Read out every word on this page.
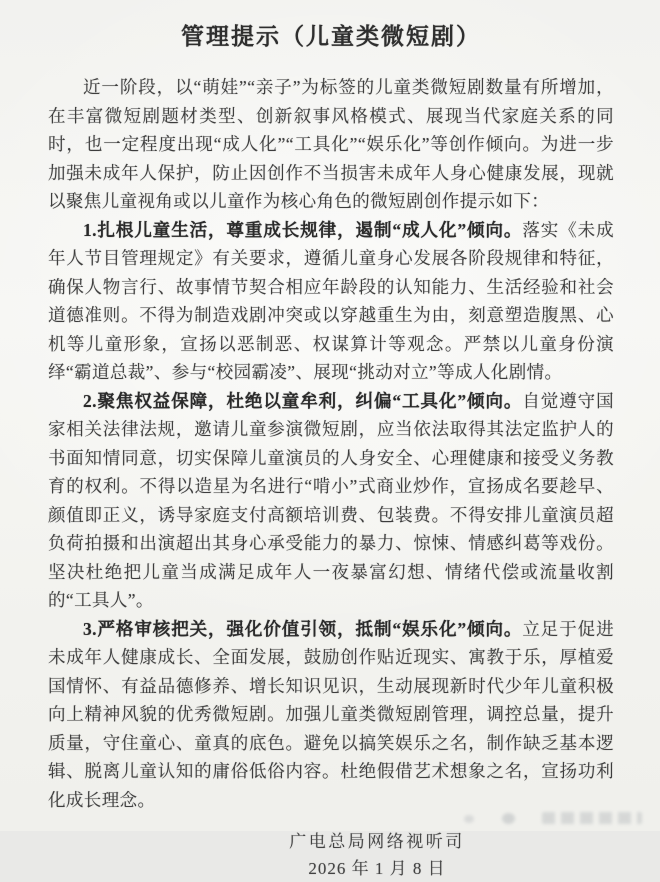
管理提示（儿童类微短剧）

近一阶段，以“萌娃”“亲子”为标签的儿童类微短剧数量有所增加，在丰富微短剧题材类型、创新叙事风格模式、展现当代家庭关系的同时，也一定程度出现“成人化”“工具化”“娱乐化”等创作倾向。为进一步加强未成年人保护，防止因创作不当损害未成年人身心健康发展，现就以聚焦儿童视角或以儿童作为核心角色的微短剧创作提示如下：

1.扎根儿童生活，尊重成长规律，遏制“成人化”倾向。落实《未成年人节目管理规定》有关要求，遵循儿童身心发展各阶段规律和特征，确保人物言行、故事情节契合相应年龄段的认知能力、生活经验和社会道德准则。不得为制造戏剧冲突或以穿越重生为由，刻意塑造腹黑、心机等儿童形象，宣扬以恶制恶、权谋算计等观念。严禁以儿童身份演绎“霸道总裁”、参与“校园霸凌”、展现“挑动对立”等成人化剧情。

2.聚焦权益保障，杜绝以童牟利，纠偏“工具化”倾向。自觉遵守国家相关法律法规，邀请儿童参演微短剧，应当依法取得其法定监护人的书面知情同意，切实保障儿童演员的人身安全、心理健康和接受义务教育的权利。不得以造星为名进行“啃小”式商业炒作，宣扬成名要趁早、颜值即正义，诱导家庭支付高额培训费、包装费。不得安排儿童演员超负荷拍摄和出演超出其身心承受能力的暴力、惊悚、情感纠葛等戏份。坚决杜绝把儿童当成满足成年人一夜暴富幻想、情绪代偿或流量收割的“工具人”。

3.严格审核把关，强化价值引领，抵制“娱乐化”倾向。立足于促进未成年人健康成长、全面发展，鼓励创作贴近现实、寓教于乐，厚植爱国情怀、有益品德修养、增长知识见识，生动展现新时代少年儿童积极向上精神风貌的优秀微短剧。加强儿童类微短剧管理，调控总量，提升质量，守住童心、童真的底色。避免以搞笑娱乐之名，制作缺乏基本逻辑、脱离儿童认知的庸俗低俗内容。杜绝假借艺术想象之名，宣扬功利化成长理念。

广电总局网络视听司
2026 年 1 月 8 日
